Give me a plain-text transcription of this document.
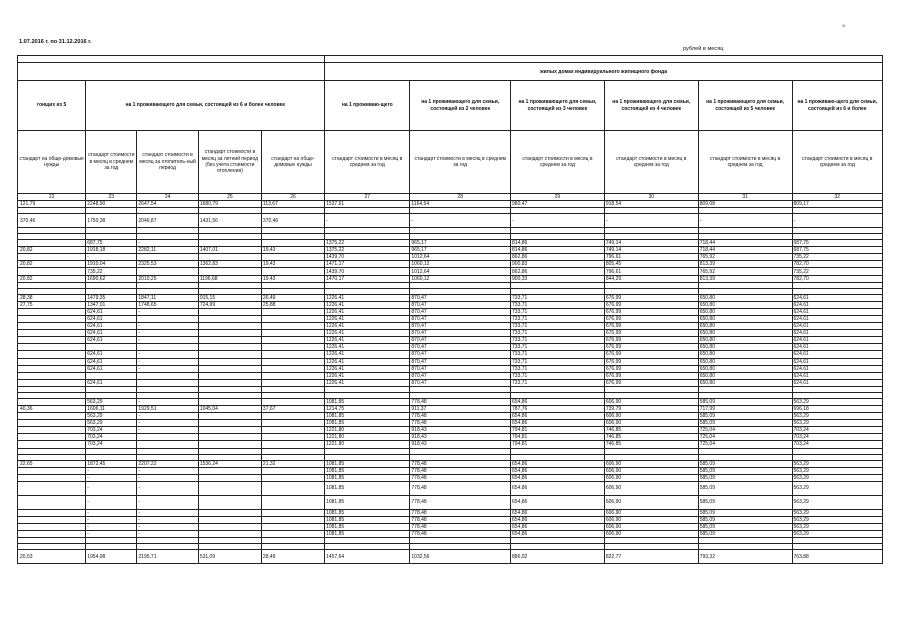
×
1.07.2016 г. по 31.12.2016 г.
рублей в месяц

					жилых домах индивидуального жилищного фонда					
гонщих из 5	на 1 проживающего для семьи, состоящей из 6 и более человек				на 1 проживаю-щего	на 1 проживающего для семьи, состоящей из 2 человек	на 1 проживающего для семьи, состоящей из 3 человек	на 1 проживающего для семьи, состоящей из 4 человек	на 1 проживающего для семьи, состоящей из 5 человек	на 1 проживаю-щего для семьи, состоящей из 6 и более
стандарт на обще-домовые нужды	стандарт стоимости в месяц в среднем за год	стандарт стоимости в месяц за отопитель-ный период	стандарт стоимости в месяц за летний период (без учета стоимости отопления)	стандарт на обще-домовые нужды	стандарт стоимости в месяц в среднем за год	стандарт стоимости в месяц в среднем за год	стандарт стоимости в месяц в среднем за год	стандарт стоимости в месяц в среднем за год	стандарт стоимости в месяц в среднем за год	стандарт стоимости в месяц в среднем за год
22	23	24	25	26	27	28	29	30	31	32
121,79	2248,90	2647,54	1680,79	113,67	1537,61	1164,54	980,47	918,54	809,08	809,17

370,46	1750,38	2046,87	1431,56	370,46	-	-	-	-	-	-

	687,75	-			1375,22	965,17	814,86	749,14	718,44	687,75
20,82	1918,18	2282,11	1407,01	19,43	1375,22	965,17	814,86	749,14	718,44	687,75
	-				1439,70	1012,64	862,86	796,61	765,92	735,22
20,82	1910,04	2325,53	1362,83	19,43	1471,17	1060,12	900,83	805,45	813,39	782,70
	735,22				1439,70	1012,64	862,86	796,61	765,92	735,22
20,82	1690,62	2010,25	1196,68	19,43	1470,17	1060,12	900,33	844,29	813,39	782,70

28,38	1479,35	1847,11	915,15	26,49	1226,41	870,47	733,71	676,99	650,80	624,61
27,75	1347,01	1748,65	724,99	25,88	1226,41	870,47	733,71	676,99	650,80	624,61
	624,61	-			1226,41	870,47	733,71	676,99	650,80	624,61
	624,61				1226,41	870,47	733,71	676,99	650,80	624,61
	624,61	-			1226,41	870,47	733,71	676,99	650,80	624,61
	624,61	-			1226,41	870,47	733,71	676,99	650,80	624,61
	624,61	-			1226,41	870,47	733,71	676,99	650,80	624,61
					1226,41	870,47	733,71	676,99	650,80	624,61
	624,61	-			1226,41	870,47	733,71	676,99	650,80	624,61
	624,61	-			1226,41	870,47	733,71	676,99	650,80	624,61
	624,61	-			1226,41	870,47	733,71	676,99	650,80	624,61
					1226,41	870,47	733,71	676,99	650,80	624,61
	624,61				1226,41	870,47	733,71	676,99	650,80	624,61

	563,29	-			1081,85	778,48	654,86	606,90	585,09	563,29
40,36	1606,11	1929,51	1045,04	37,67	1214,75	911,37	787,76	739,79	717,99	696,18
	563,29	-			1081,85	778,48	654,86	606,90	585,09	563,29
	563,29	-			1081,85	778,48	654,86	606,90	585,09	563,29
	703,24	-			1221,80	918,43	794,81	746,85	725,04	703,24
	703,24				1221,80	918,43	794,81	746,85	725,04	703,24
	703,24				1221,80	918,43	794,81	746,85	725,04	703,24

22,65	1872,45	2207,22	1536,24	21,32	1081,85	778,48	654,86	606,90	585,09	563,29
	-	-			1081,85	778,48	654,86	606,90	585,09	563,29
	-	-			1081,85	778,48	654,86	606,90	585,09	563,29
	-	-			1081,85	778,48	654,86	606,90	585,09	563,29
	-	-			1081,85	778,48	654,86	606,90	585,09	563,29
	-	-			1081,85	778,48	654,86	606,90	585,09	563,29
	-	-			1081,85	778,48	654,86	606,90	585,09	563,29
	-	-			1081,85	778,48	654,86	606,90	585,09	563,29
	-	-			1081,85	778,48	654,86	606,90	585,09	563,29

20,53	1954,98	2195,71	531,09	28,49	1457,64	1032,56	886,02	822,77	793,32	763,88
